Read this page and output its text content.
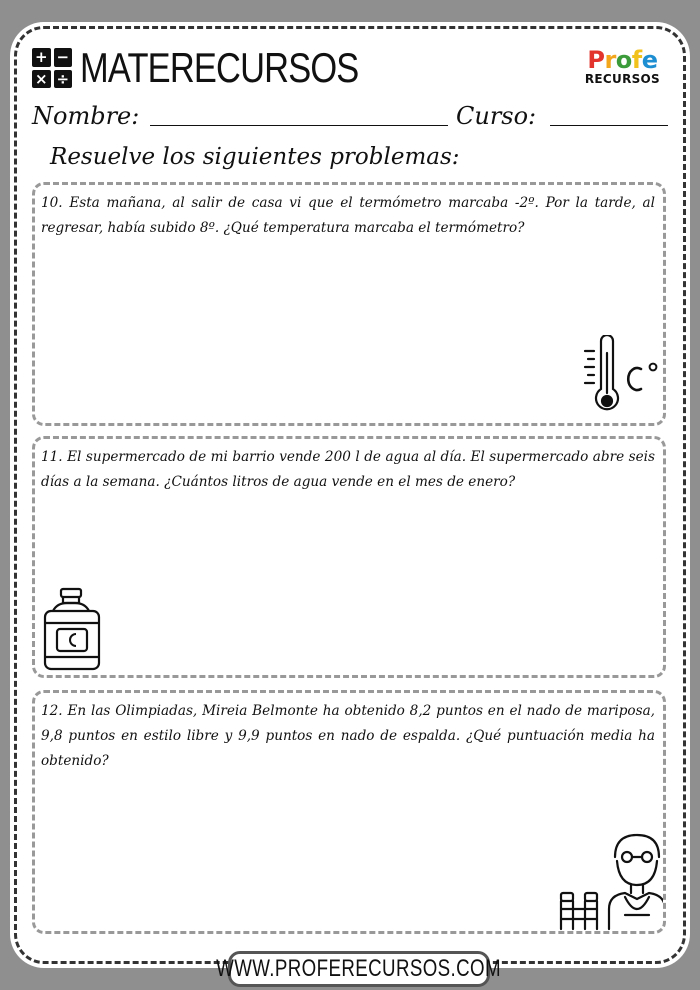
+ −
× ÷ MATERECURSOS	Profe
RECURSOS
Nombre:	Curso:
Resuelve los siguientes problemas:
10. Esta mañana, al salir de casa vi que el termómetro marcaba -2º. Por la tarde, al regresar, había subido 8º. ¿Qué temperatura marcaba el termómetro?
C°
11. El supermercado de mi barrio vende 200 l de agua al día. El supermercado abre seis días a la semana. ¿Cuántos litros de agua vende en el mes de enero?
12. En las Olimpiadas, Mireia Belmonte ha obtenido 8,2 puntos en el nado de mariposa, 9,8 puntos en estilo libre y 9,9 puntos en nado de espalda. ¿Qué puntuación media ha obtenido?
WWW.PROFERECURSOS.COM
